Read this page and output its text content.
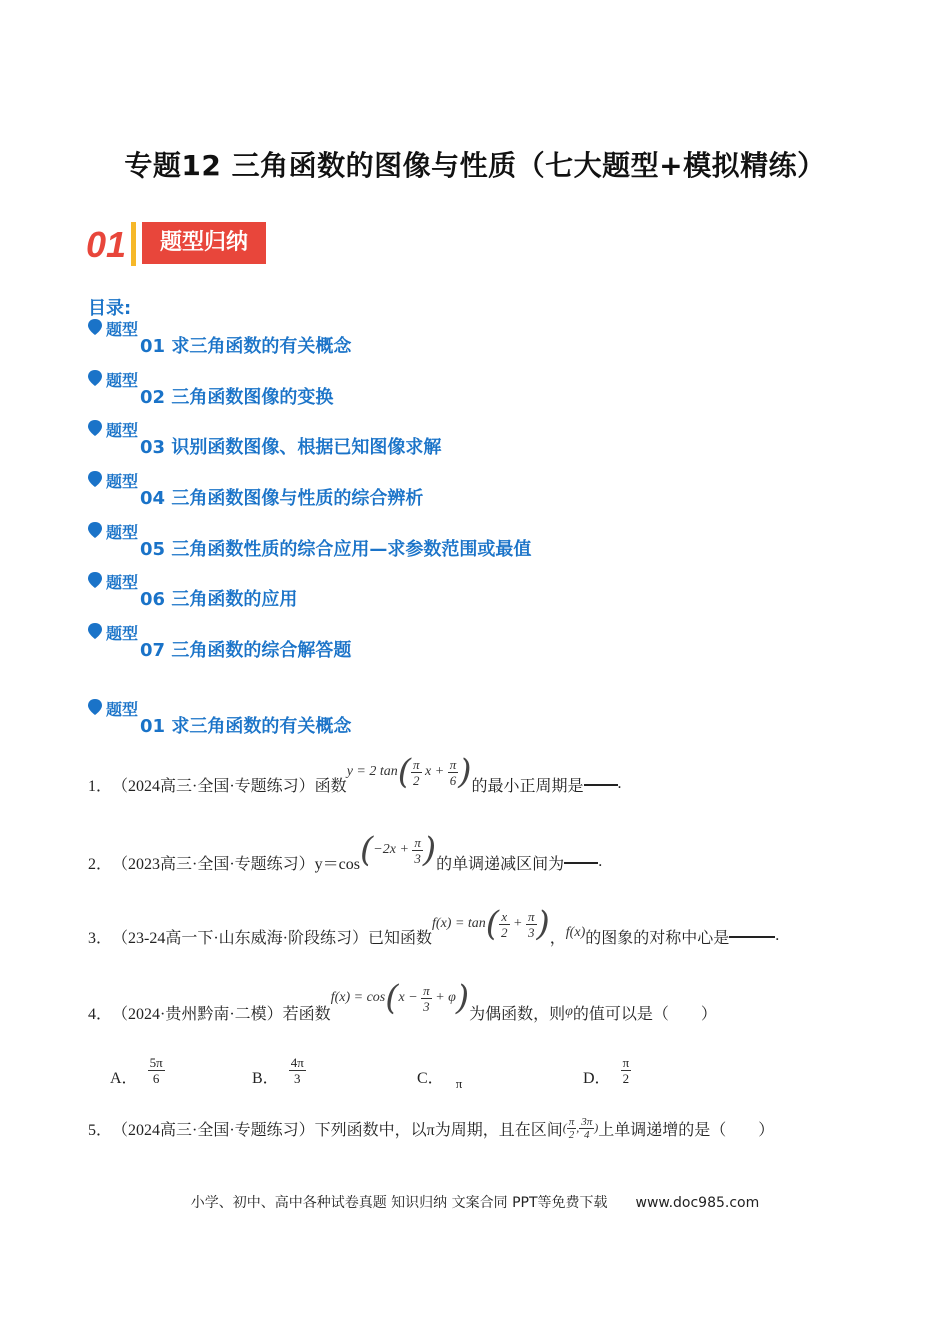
专题12 三角函数的图像与性质（七大题型+模拟精练）
01	题型归纳
目录:
题型
01 求三角函数的有关概念
题型
02 三角函数图像的变换
题型
03 识别函数图像、根据已知图像求解
题型
04 三角函数图像与性质的综合辨析
题型
05 三角函数性质的综合应用—求参数范围或最值
题型
06 三角函数的应用
题型
07 三角函数的综合解答题
题型
01 求三角函数的有关概念
1． （2024高三·全国·专题练习）函数
y = 2 $\tan( \frac{\pi}{2}$ $x + \frac{\pi}{6}$ ) 的最小正周期是 .
2． （2023高三·全国·专题练习）y＝cos ($-2x + \frac{\pi}{3}$ ) 的单调递减区间为 .
3． （23-24高一下·山东威海·阶段练习）已知函数
$f(x) = \tan( \frac{x}{2} + \frac{\pi}{3}$ ) ， f(x) 的图象的对称中心是	.
4． （2024·贵州黔南·二模）若函数
$f(x) = \cos(x - \frac{\pi}{3} + \varphi)$ 为偶函数，则 φ 的值可以是（　　）
A． $\frac{5\pi}{6}$	B． $\frac{4\pi}{3}$	C． π	D． $\frac{\pi}{2}$
5． （2024高三·全国·专题练习）下列函数中，以π为周期，且在区间 ( $\frac{\pi}{2}$ , $\frac{3\pi}{4}$ ) 上单调递增的是（　　）
小学、初中、高中各种试卷真题 知识归纳 文案合同 PPT等免费下载　　www.doc985.com
